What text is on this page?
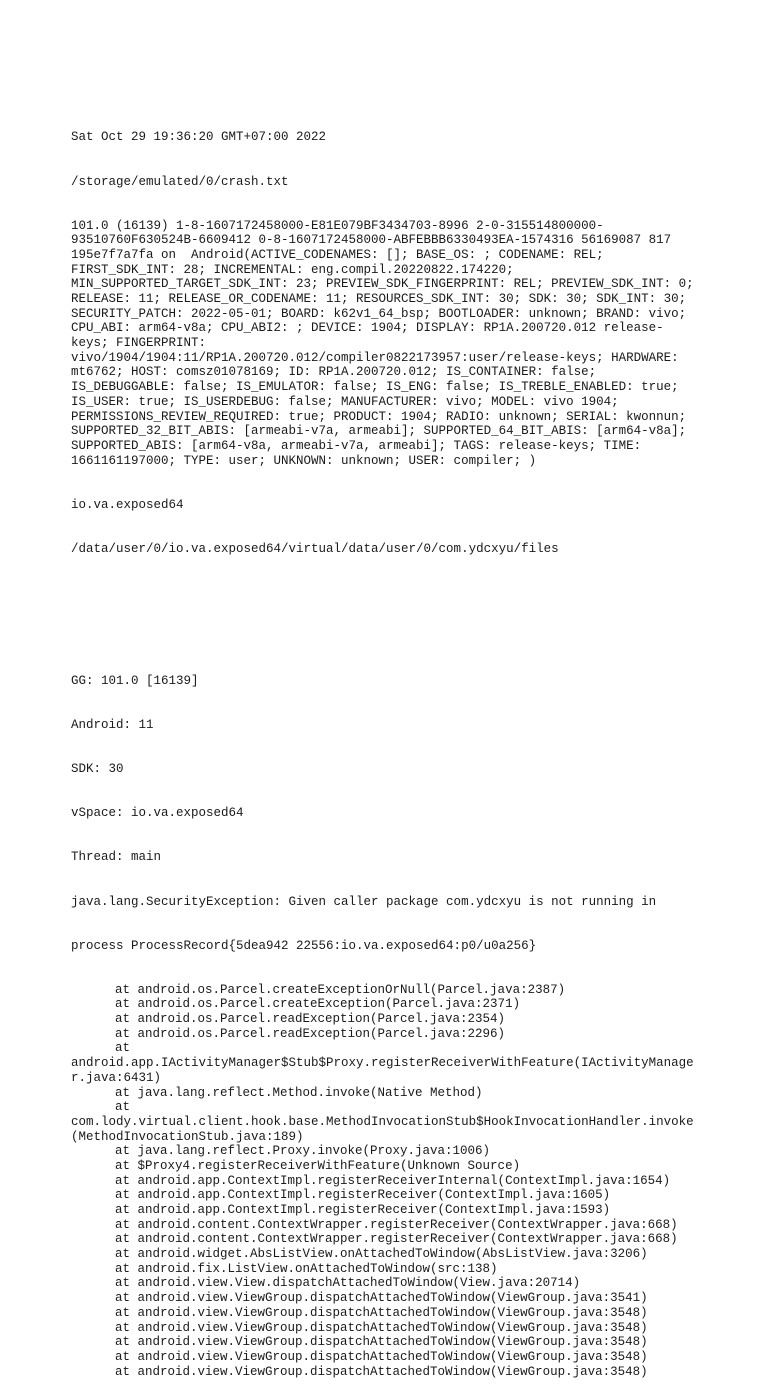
Sat Oct 29 19:36:20 GMT+07:00 2022

/storage/emulated/0/crash.txt

101.0 (16139) 1-8-1607172458000-E81E079BF3434703-8996 2-0-315514800000-
93510760F630524B-6609412 0-8-1607172458000-ABFEBBB6330493EA-1574316 56169087 817
195e7f7a7fa on  Android(ACTIVE_CODENAMES: []; BASE_OS: ; CODENAME: REL;
FIRST_SDK_INT: 28; INCREMENTAL: eng.compil.20220822.174220;
MIN_SUPPORTED_TARGET_SDK_INT: 23; PREVIEW_SDK_FINGERPRINT: REL; PREVIEW_SDK_INT: 0;
RELEASE: 11; RELEASE_OR_CODENAME: 11; RESOURCES_SDK_INT: 30; SDK: 30; SDK_INT: 30;
SECURITY_PATCH: 2022-05-01; BOARD: k62v1_64_bsp; BOOTLOADER: unknown; BRAND: vivo;
CPU_ABI: arm64-v8a; CPU_ABI2: ; DEVICE: 1904; DISPLAY: RP1A.200720.012 release-
keys; FINGERPRINT:
vivo/1904/1904:11/RP1A.200720.012/compiler0822173957:user/release-keys; HARDWARE:
mt6762; HOST: comsz01078169; ID: RP1A.200720.012; IS_CONTAINER: false;
IS_DEBUGGABLE: false; IS_EMULATOR: false; IS_ENG: false; IS_TREBLE_ENABLED: true;
IS_USER: true; IS_USERDEBUG: false; MANUFACTURER: vivo; MODEL: vivo 1904;
PERMISSIONS_REVIEW_REQUIRED: true; PRODUCT: 1904; RADIO: unknown; SERIAL: kwonnun;
SUPPORTED_32_BIT_ABIS: [armeabi-v7a, armeabi]; SUPPORTED_64_BIT_ABIS: [arm64-v8a];
SUPPORTED_ABIS: [arm64-v8a, armeabi-v7a, armeabi]; TAGS: release-keys; TIME:
1661161197000; TYPE: user; UNKNOWN: unknown; USER: compiler; )

io.va.exposed64

/data/user/0/io.va.exposed64/virtual/data/user/0/com.ydcxyu/files

GG: 101.0 [16139]

Android: 11

SDK: 30

vSpace: io.va.exposed64

Thread: main

java.lang.SecurityException: Given caller package com.ydcxyu is not running in

process ProcessRecord{5dea942 22556:io.va.exposed64:p0/u0a256}

at android.os.Parcel.createExceptionOrNull(Parcel.java:2387)
at android.os.Parcel.createException(Parcel.java:2371)
at android.os.Parcel.readException(Parcel.java:2354)
at android.os.Parcel.readException(Parcel.java:2296)
at
android.app.IActivityManager$Stub$Proxy.registerReceiverWithFeature(IActivityManage
r.java:6431)
at java.lang.reflect.Method.invoke(Native Method)
at
com.lody.virtual.client.hook.base.MethodInvocationStub$HookInvocationHandler.invoke
(MethodInvocationStub.java:189)
at java.lang.reflect.Proxy.invoke(Proxy.java:1006)
at $Proxy4.registerReceiverWithFeature(Unknown Source)
at android.app.ContextImpl.registerReceiverInternal(ContextImpl.java:1654)
at android.app.ContextImpl.registerReceiver(ContextImpl.java:1605)
at android.app.ContextImpl.registerReceiver(ContextImpl.java:1593)
at android.content.ContextWrapper.registerReceiver(ContextWrapper.java:668)
at android.content.ContextWrapper.registerReceiver(ContextWrapper.java:668)
at android.widget.AbsListView.onAttachedToWindow(AbsListView.java:3206)
at android.fix.ListView.onAttachedToWindow(src:138)
at android.view.View.dispatchAttachedToWindow(View.java:20714)
at android.view.ViewGroup.dispatchAttachedToWindow(ViewGroup.java:3541)
at android.view.ViewGroup.dispatchAttachedToWindow(ViewGroup.java:3548)
at android.view.ViewGroup.dispatchAttachedToWindow(ViewGroup.java:3548)
at android.view.ViewGroup.dispatchAttachedToWindow(ViewGroup.java:3548)
at android.view.ViewGroup.dispatchAttachedToWindow(ViewGroup.java:3548)
at android.view.ViewGroup.dispatchAttachedToWindow(ViewGroup.java:3548)
